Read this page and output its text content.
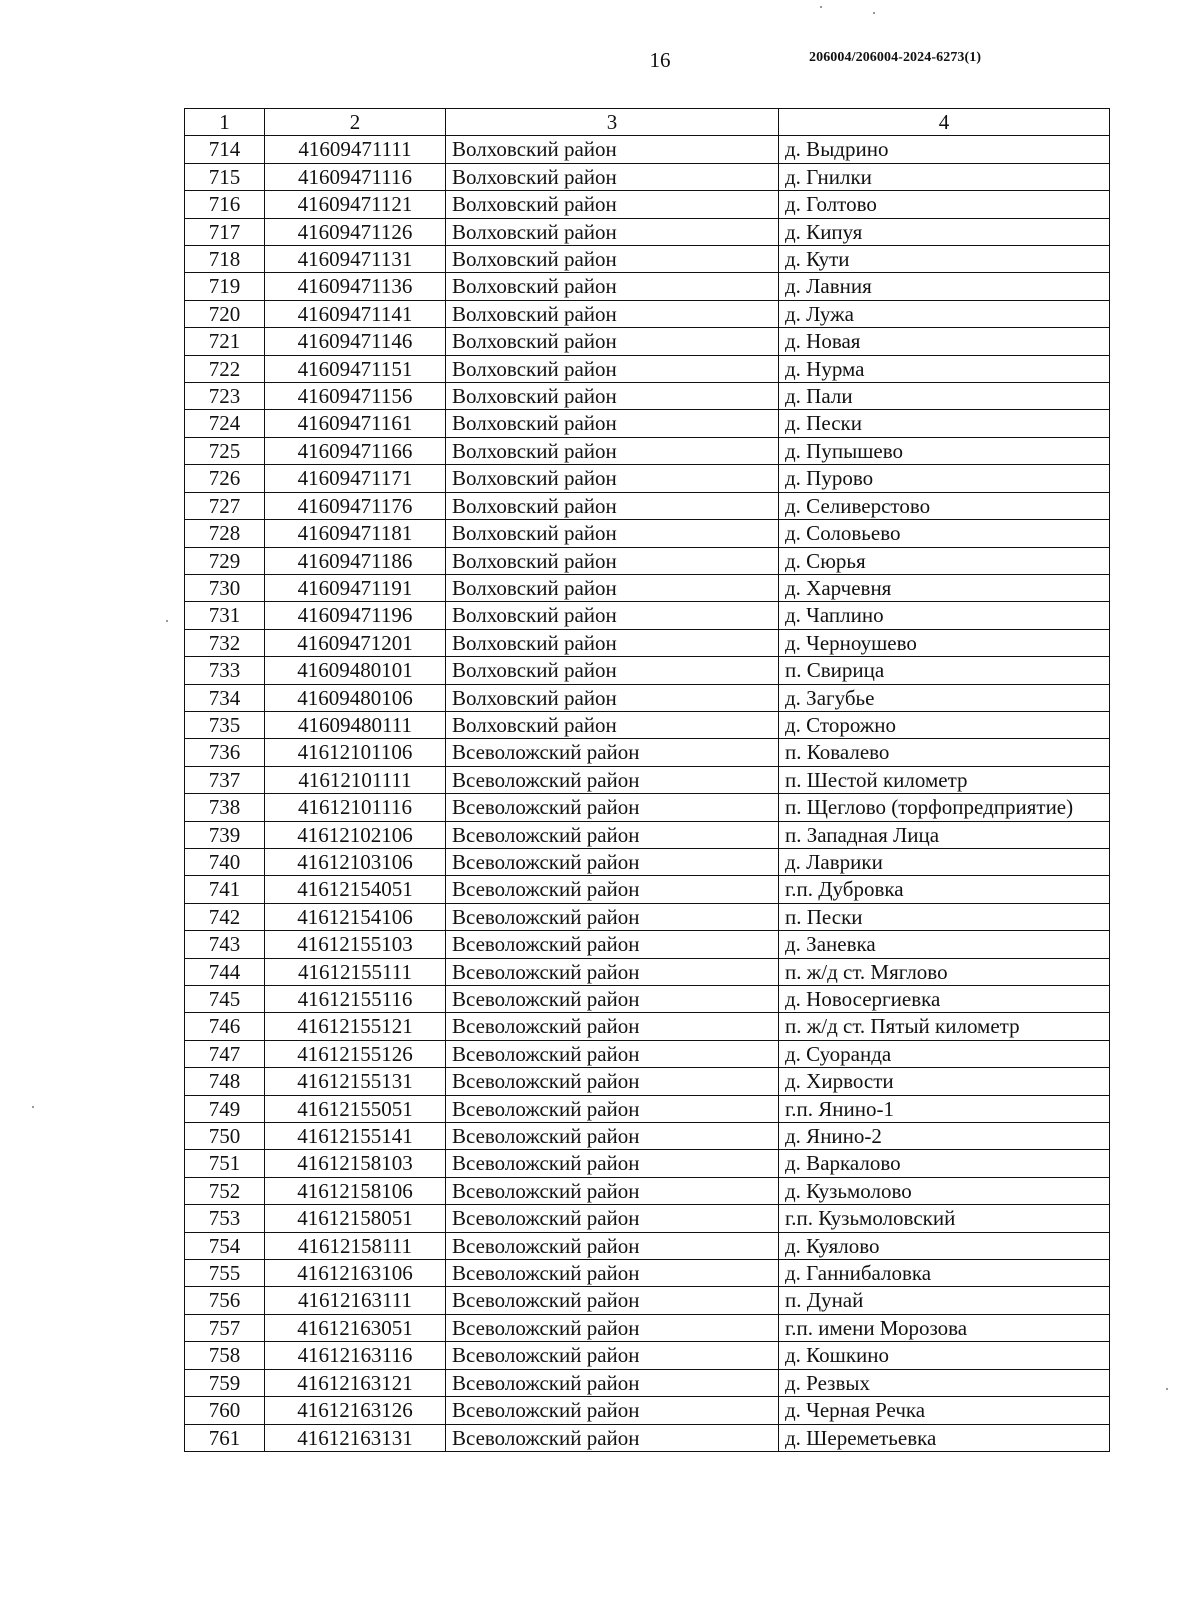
16	206004/206004-2024-6273(1)
1	2	3	4
714	41609471111	Волховский район	д. Выдрино
715	41609471116	Волховский район	д. Гнилки
716	41609471121	Волховский район	д. Голтово
717	41609471126	Волховский район	д. Кипуя
718	41609471131	Волховский район	д. Кути
719	41609471136	Волховский район	д. Лавния
720	41609471141	Волховский район	д. Лужа
721	41609471146	Волховский район	д. Новая
722	41609471151	Волховский район	д. Нурма
723	41609471156	Волховский район	д. Пали
724	41609471161	Волховский район	д. Пески
725	41609471166	Волховский район	д. Пупышево
726	41609471171	Волховский район	д. Пурово
727	41609471176	Волховский район	д. Селиверстово
728	41609471181	Волховский район	д. Соловьево
729	41609471186	Волховский район	д. Сюрья
730	41609471191	Волховский район	д. Харчевня
731	41609471196	Волховский район	д. Чаплино
732	41609471201	Волховский район	д. Черноушево
733	41609480101	Волховский район	п. Свирица
734	41609480106	Волховский район	д. Загубье
735	41609480111	Волховский район	д. Сторожно
736	41612101106	Всеволожский район	п. Ковалево
737	41612101111	Всеволожский район	п. Шестой километр
738	41612101116	Всеволожский район	п. Щеглово (торфопредприятие)
739	41612102106	Всеволожский район	п. Западная Лица
740	41612103106	Всеволожский район	д. Лаврики
741	41612154051	Всеволожский район	г.п. Дубровка
742	41612154106	Всеволожский район	п. Пески
743	41612155103	Всеволожский район	д. Заневка
744	41612155111	Всеволожский район	п. ж/д ст. Мяглово
745	41612155116	Всеволожский район	д. Новосергиевка
746	41612155121	Всеволожский район	п. ж/д ст. Пятый километр
747	41612155126	Всеволожский район	д. Суоранда
748	41612155131	Всеволожский район	д. Хирвости
749	41612155051	Всеволожский район	г.п. Янино-1
750	41612155141	Всеволожский район	д. Янино-2
751	41612158103	Всеволожский район	д. Варкалово
752	41612158106	Всеволожский район	д. Кузьмолово
753	41612158051	Всеволожский район	г.п. Кузьмоловский
754	41612158111	Всеволожский район	д. Куялово
755	41612163106	Всеволожский район	д. Ганнибаловка
756	41612163111	Всеволожский район	п. Дунай
757	41612163051	Всеволожский район	г.п. имени Морозова
758	41612163116	Всеволожский район	д. Кошкино
759	41612163121	Всеволожский район	д. Резвых
760	41612163126	Всеволожский район	д. Черная Речка
761	41612163131	Всеволожский район	д. Шереметьевка
